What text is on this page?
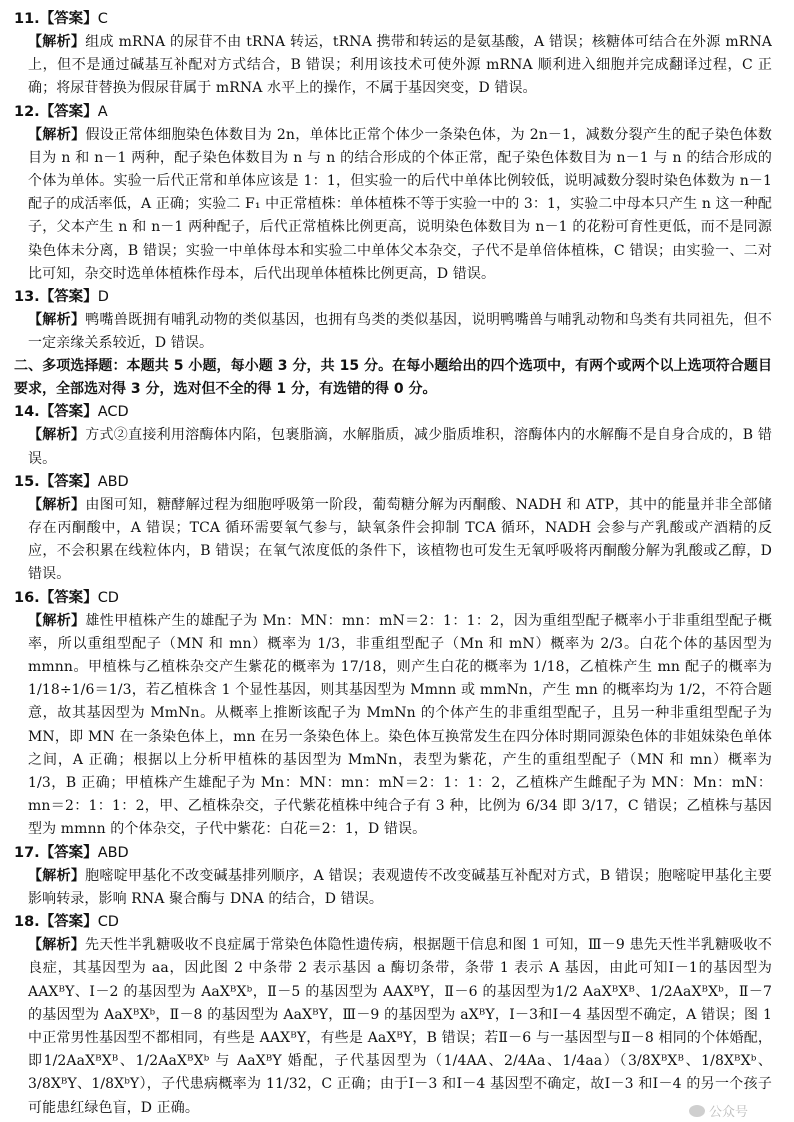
11.【答案】C

【解析】组成 mRNA 的尿苷不由 tRNA 转运，tRNA 携带和转运的是氨基酸，A 错误；核糖体可结合在外源 mRNA 上，但不是通过碱基互补配对方式结合，B 错误；利用该技术可使外源 mRNA 顺利进入细胞并完成翻译过程，C 正确；将尿苷替换为假尿苷属于 mRNA 水平上的操作，不属于基因突变，D 错误。

12.【答案】A

【解析】假设正常体细胞染色体数目为 2n，单体比正常个体少一条染色体，为 2n－1，减数分裂产生的配子染色体数目为 n 和 n－1 两种，配子染色体数目为 n 与 n 的结合形成的个体正常，配子染色体数目为 n－1 与 n 的结合形成的个体为单体。实验一后代正常和单体应该是 1：1，但实验一的后代中单体比例较低，说明减数分裂时染色体数为 n－1 配子的成活率低，A 正确；实验二 F₁ 中正常植株：单体植株不等于实验一中的 3：1，实验二中母本只产生 n 这一种配子，父本产生 n 和 n－1 两种配子，后代正常植株比例更高，说明染色体数目为 n－1 的花粉可育性更低，而不是同源染色体未分离，B 错误；实验一中单体母本和实验二中单体父本杂交，子代不是单倍体植株，C 错误；由实验一、二对比可知，杂交时选单体植株作母本，后代出现单体植株比例更高，D 错误。

13.【答案】D

【解析】鸭嘴兽既拥有哺乳动物的类似基因，也拥有鸟类的类似基因，说明鸭嘴兽与哺乳动物和鸟类有共同祖先，但不一定亲缘关系较近，D 错误。

二、多项选择题：本题共 5 小题，每小题 3 分，共 15 分。在每小题给出的四个选项中，有两个或两个以上选项符合题目要求，全部选对得 3 分，选对但不全的得 1 分，有选错的得 0 分。

14.【答案】ACD

【解析】方式②直接利用溶酶体内陷，包裹脂滴，水解脂质，减少脂质堆积，溶酶体内的水解酶不是自身合成的，B 错误。

15.【答案】ABD

【解析】由图可知，糖酵解过程为细胞呼吸第一阶段，葡萄糖分解为丙酮酸、NADH 和 ATP，其中的能量并非全部储存在丙酮酸中，A 错误；TCA 循环需要氧气参与，缺氧条件会抑制 TCA 循环，NADH 会参与产乳酸或产酒精的反应，不会积累在线粒体内，B 错误；在氧气浓度低的条件下，该植物也可发生无氧呼吸将丙酮酸分解为乳酸或乙醇，D 错误。

16.【答案】CD

【解析】雄性甲植株产生的雄配子为 Mn：MN：mn：mN＝2：1：1：2，因为重组型配子概率小于非重组型配子概率，所以重组型配子（MN 和 mn）概率为 1/3，非重组型配子（Mn 和 mN）概率为 2/3。白花个体的基因型为 mmnn。甲植株与乙植株杂交产生紫花的概率为 17/18，则产生白花的概率为 1/18，乙植株产生 mn 配子的概率为 1/18÷1/6＝1/3，若乙植株含 1 个显性基因，则其基因型为 Mmnn 或 mmNn，产生 mn 的概率均为 1/2，不符合题意，故其基因型为 MmNn。从概率上推断该配子为 MmNn 的个体产生的非重组型配子，且另一种非重组型配子为 MN，即 MN 在一条染色体上，mn 在另一条染色体上。染色体互换常发生在四分体时期同源染色体的非姐妹染色单体之间，A 正确；根据以上分析甲植株的基因型为 MmNn，表型为紫花，产生的重组型配子（MN 和 mn）概率为 1/3，B 正确；甲植株产生雄配子为 Mn：MN：mn：mN＝2：1：1：2，乙植株产生雌配子为 MN：Mn：mN：mn＝2：1：1：2，甲、乙植株杂交，子代紫花植株中纯合子有 3 种，比例为 6/34 即 3/17，C 错误；乙植株与基因型为 mmnn 的个体杂交，子代中紫花：白花＝2：1，D 错误。

17.【答案】ABD

【解析】胞嘧啶甲基化不改变碱基排列顺序，A 错误；表观遗传不改变碱基互补配对方式，B 错误；胞嘧啶甲基化主要影响转录，影响 RNA 聚合酶与 DNA 的结合，D 错误。

18.【答案】CD

【解析】先天性半乳糖吸收不良症属于常染色体隐性遗传病，根据题干信息和图 1 可知，Ⅲ－9 患先天性半乳糖吸收不良症，其基因型为 aa，因此图 2 中条带 2 表示基因 a 酶切条带，条带 1 表示 A 基因，由此可知Ⅰ－1的基因型为 AAXᴮY、Ⅰ－2 的基因型为 AaXᴮXᵇ，Ⅱ－5 的基因型为 AAXᴮY，Ⅱ－6 的基因型为1/2 AaXᴮXᴮ、1/2AaXᴮXᵇ，Ⅱ－7 的基因型为 AaXᴮXᵇ，Ⅱ－8 的基因型为 AaXᴮY，Ⅲ－9 的基因型为 aXᴮY，Ⅰ－3和Ⅰ－4 基因型不确定，A 错误；图 1 中正常男性基因型不都相同，有些是 AAXᴮY，有些是 AaXᴮY，B 错误；若Ⅱ－6 与一基因型与Ⅱ－8 相同的个体婚配，即1/2AaXᴮXᴮ、1/2AaXᴮXᵇ 与 AaXᴮY 婚配，子代基因型为（1/4AA、2/4Aa、1/4aa）（3/8XᴮXᴮ、1/8XᴮXᵇ、3/8XᴮY、1/8XᵇY），子代患病概率为 11/32，C 正确；由于Ⅰ－3 和Ⅰ－4 基因型不确定，故Ⅰ－3 和Ⅰ－4 的另一个孩子可能患红绿色盲，D 正确。	公众号
